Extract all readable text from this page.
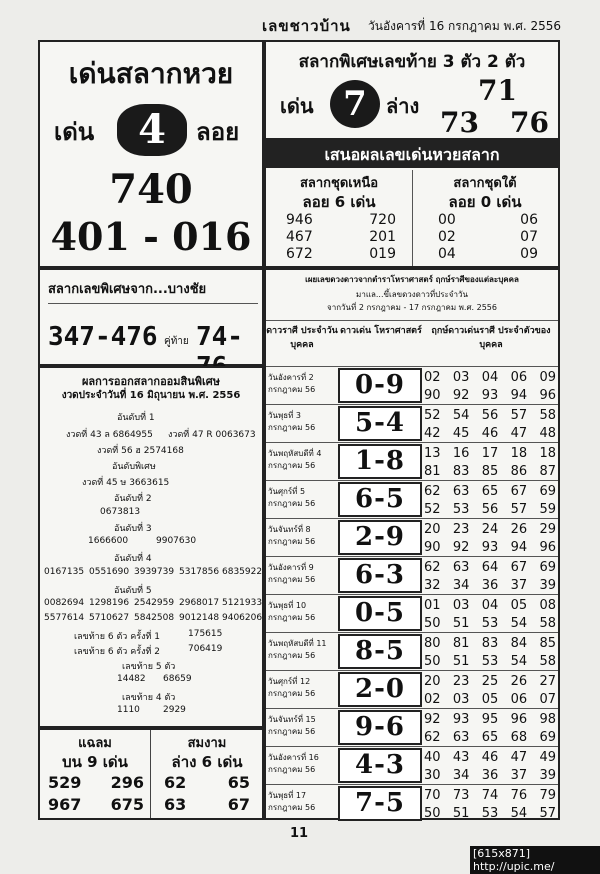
เลขชาวบ้าน วันอังคารที่ 16 กรกฎาคม พ.ศ. 2556
เด่นสลากหวย
เด่น	4	ลอย
740
401 - 016
สลากพิเศษเลขท้าย 3 ตัว 2 ตัว
เด่น 7 ล่าง 71
73 76
เสนอผลเลขเด่นหวยสลาก
สลากชุดเหนือ
ลอย 6 เด่น
946	720
467	201
672	019
สลากชุดใต้
ลอย 0 เด่น
00	06
02	07
04	09
สลากเลขพิเศษจาก...บางชัย
347-476 คู่ท้าย 74-
เผยเลขดวงดาวจากตำราโหราศาสตร์ ฤกษ์ราศีของแต่ละบุคคล
มาแล...ขึ้เลขดวงดาวที่ประจำวัน
จากวันที่ 2 กรกฎาคม - 17 กรกฎาคม พ.ศ. 2556
ดาวราศี ประจำวันบุคคล
ดาวเด่น โหราศาสตร์	ฤกษ์ดาวเด่นราศี ประจำตัวของบุคคล
วันอังคารที่ 2
กรกฎาคม 56	0-9	02 03 04 06 09
90 92 93 94 96
วันพุธที่ 3
กรกฎาคม 56	5-4	52 54 56 57 58
42 45 46 47 48
วันพฤหัสบดีที่ 4
กรกฎาคม 56	1-8	13 16 17 18 18
81 83 85 86 87
วันศุกร์ที่ 5
กรกฎาคม 56	6-5	62 63 65 67 69
52 53 56 57 59
วันจันทร์ที่ 8
กรกฎาคม 56	2-9	20 23 24 26 29
90 92 93 94 96
วันอังคารที่ 9
กรกฎาคม 56	6-3	62 63 64 67 69
32 34 36 37 39
วันพุธที่ 10
กรกฎาคม 56	0-5	01 03 04 05 08
50 51 53 54 58
วันพฤหัสบดีที่ 11
กรกฎาคม 56	8-5	80 81 83 84 85
50 51 53 54 58
วันศุกร์ที่ 12
กรกฎาคม 56	2-0	20 23 25 26 27
02 03 05 06 07
วันจันทร์ที่ 15
กรกฎาคม 56	9-6	92 93 95 96 98
62 63 65 68 69
วันอังคารที่ 16
กรกฎาคม 56	4-3	40 43 46 47 49
30 34 36 37 39
วันพุธที่ 17
กรกฎาคม 56	7-5	70 73 74 76 79
50 51 53 54 57
ผลการออกสลากออมสินพิเศษ
งวดประจำวันที่ 16 มิถุนายน พ.ศ. 2556
อันดับที่ 1
งวดที่ 43 ล 6864955 งวดที่ 47 R 0063673
งวดที่ 56 ฮ 2574168
อันดับพิเศษ
งวดที่ 45 ษ 3663615
อันดับที่ 2
0673813
อันดับที่ 3
1666600	9907630
อันดับที่ 4
0167135 0551690 3939739 5317856 6835922
อันดับที่ 5
0082694 1298196 2542959 2968017 5121933
5577614 5710627 5842508 9012148 9406206
เลขท้าย 6 ตัว ครั้งที่ 1	175615
เลขท้าย 6 ตัว ครั้งที่ 2	706419
เลขท้าย 5 ตัว
14482 68659
เลขท้าย 4 ตัว
1110	2929
แฉลม
บน 9 เด่น
529 296
967 675
สมงาม
ล่าง 6 เด่น
62	65
63	67
11
[615x871] http://upic.me/
